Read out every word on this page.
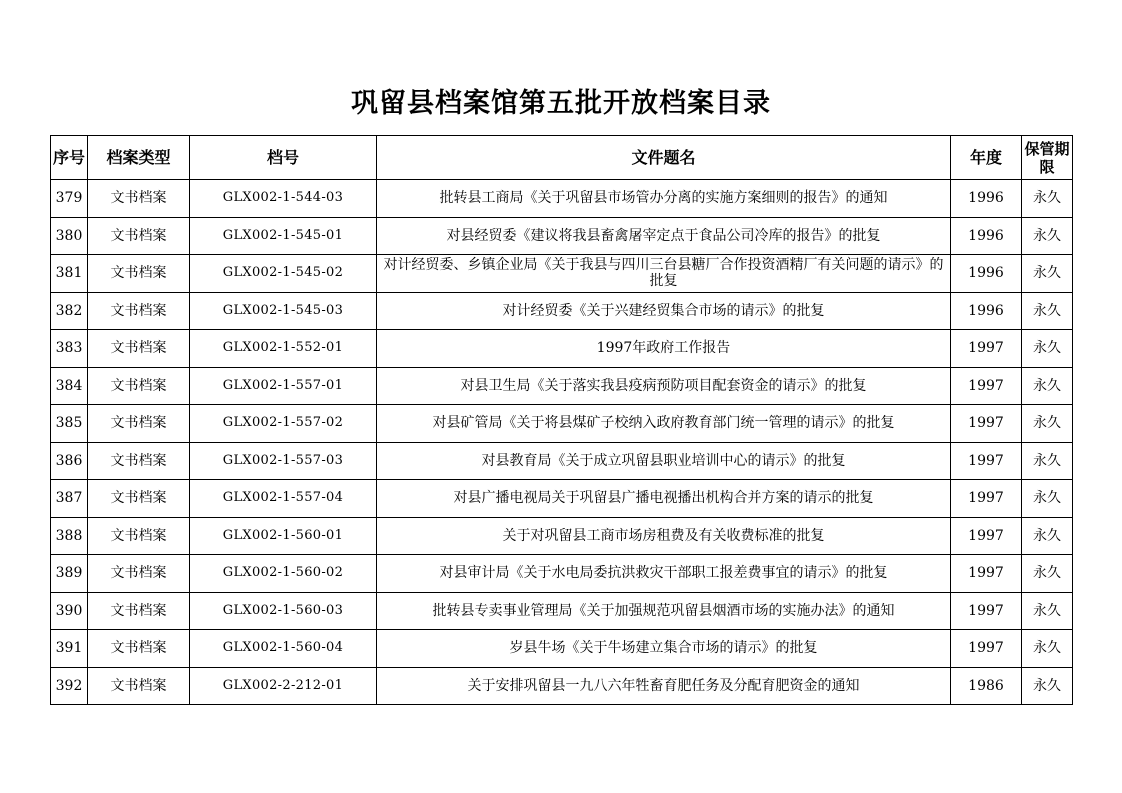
巩留县档案馆第五批开放档案目录
序号	档案类型	档号	文件题名	年度	保管期限
379	文书档案	GLX002-1-544-03	批转县工商局《关于巩留县市场管办分离的实施方案细则的报告》的通知	1996	永久
380	文书档案	GLX002-1-545-01	对县经贸委《建议将我县畜禽屠宰定点于食品公司冷库的报告》的批复	1996	永久
381	文书档案	GLX002-1-545-02	对计经贸委、乡镇企业局《关于我县与四川三台县糖厂合作投资酒精厂有关问题的请示》的批复	1996	永久
382	文书档案	GLX002-1-545-03	对计经贸委《关于兴建经贸集合市场的请示》的批复	1996	永久
383	文书档案	GLX002-1-552-01	1997年政府工作报告	1997	永久
384	文书档案	GLX002-1-557-01	对县卫生局《关于落实我县疫病预防项目配套资金的请示》的批复	1997	永久
385	文书档案	GLX002-1-557-02	对县矿管局《关于将县煤矿子校纳入政府教育部门统一管理的请示》的批复	1997	永久
386	文书档案	GLX002-1-557-03	对县教育局《关于成立巩留县职业培训中心的请示》的批复	1997	永久
387	文书档案	GLX002-1-557-04	对县广播电视局关于巩留县广播电视播出机构合并方案的请示的批复	1997	永久
388	文书档案	GLX002-1-560-01	关于对巩留县工商市场房租费及有关收费标准的批复	1997	永久
389	文书档案	GLX002-1-560-02	对县审计局《关于水电局委抗洪救灾干部职工报差费事宜的请示》的批复	1997	永久
390	文书档案	GLX002-1-560-03	批转县专卖事业管理局《关于加强规范巩留县烟酒市场的实施办法》的通知	1997	永久
391	文书档案	GLX002-1-560-04	岁县牛场《关于牛场建立集合市场的请示》的批复	1997	永久
392	文书档案	GLX002-2-212-01	关于安排巩留县一九八六年牲畜育肥任务及分配育肥资金的通知	1986	永久
